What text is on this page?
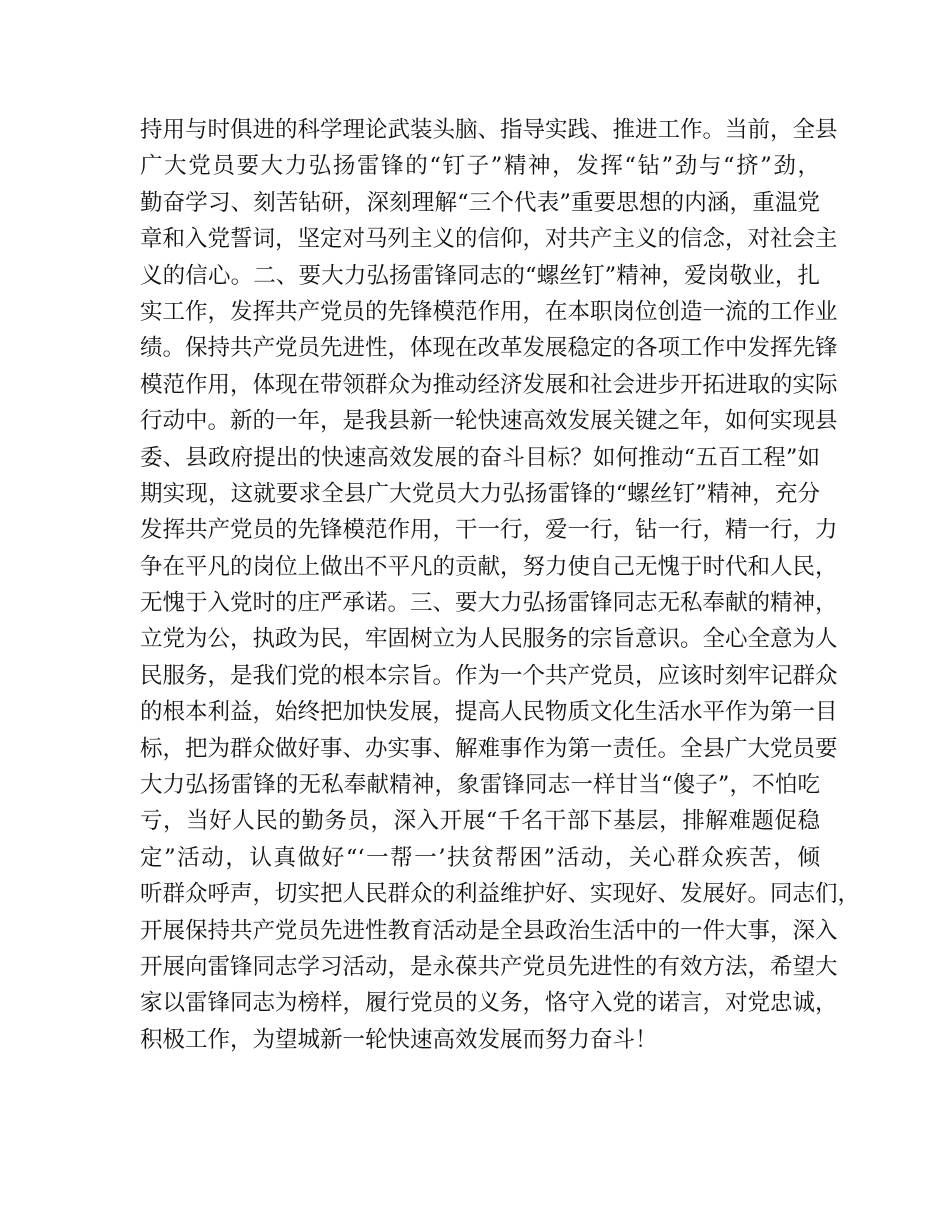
持用与时俱进的科学理论武装头脑、指导实践、推进工作。当前，全县
广大党员要大力弘扬雷锋的“钉子”精神，发挥“钻”劲与“挤”劲，
勤奋学习、刻苦钻研，深刻理解“三个代表”重要思想的内涵，重温党
章和入党誓词，坚定对马列主义的信仰，对共产主义的信念，对社会主
义的信心。二、要大力弘扬雷锋同志的“螺丝钉”精神，爱岗敬业，扎
实工作，发挥共产党员的先锋模范作用，在本职岗位创造一流的工作业
绩。保持共产党员先进性，体现在改革发展稳定的各项工作中发挥先锋
模范作用，体现在带领群众为推动经济发展和社会进步开拓进取的实际
行动中。新的一年，是我县新一轮快速高效发展关键之年，如何实现县
委、县政府提出的快速高效发展的奋斗目标？如何推动“五百工程”如
期实现，这就要求全县广大党员大力弘扬雷锋的“螺丝钉”精神，充分
发挥共产党员的先锋模范作用，干一行，爱一行，钻一行，精一行，力
争在平凡的岗位上做出不平凡的贡献，努力使自己无愧于时代和人民，
无愧于入党时的庄严承诺。三、要大力弘扬雷锋同志无私奉献的精神，
立党为公，执政为民，牢固树立为人民服务的宗旨意识。全心全意为人
民服务，是我们党的根本宗旨。作为一个共产党员，应该时刻牢记群众
的根本利益，始终把加快发展，提高人民物质文化生活水平作为第一目
标，把为群众做好事、办实事、解难事作为第一责任。全县广大党员要
大力弘扬雷锋的无私奉献精神，象雷锋同志一样甘当“傻子”，不怕吃
亏，当好人民的勤务员，深入开展“千名干部下基层，排解难题促稳
定”活动，认真做好“‘一帮一’扶贫帮困”活动，关心群众疾苦，倾
听群众呼声，切实把人民群众的利益维护好、实现好、发展好。同志们，
开展保持共产党员先进性教育活动是全县政治生活中的一件大事，深入
开展向雷锋同志学习活动，是永葆共产党员先进性的有效方法，希望大
家以雷锋同志为榜样，履行党员的义务，恪守入党的诺言，对党忠诚，
积极工作，为望城新一轮快速高效发展而努力奋斗！
